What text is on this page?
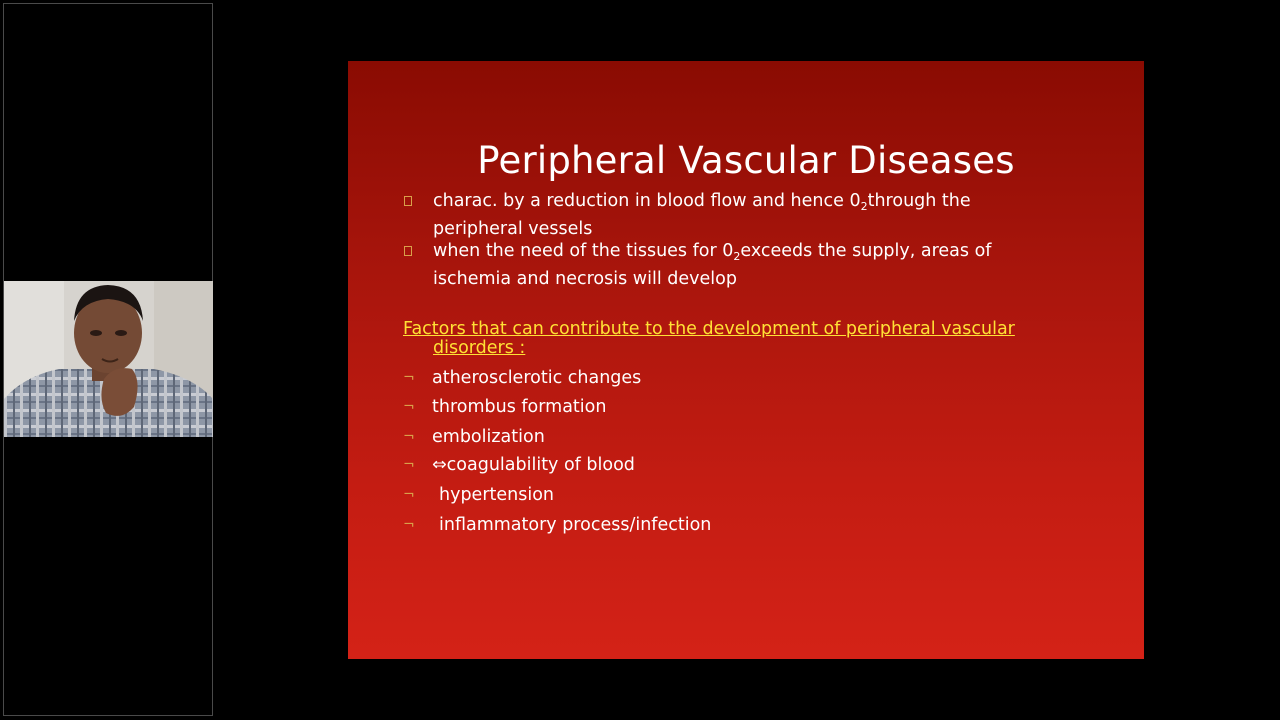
Peripheral Vascular Diseases
charac. by a reduction in blood flow and hence $0_2through$ the
peripheral vessels
when the need of the tissues for $0_2exceeds$ the supply, areas of
ischemia and necrosis will develop
Factors that can contribute to the development of peripheral vascular
disorders :
¬ atherosclerotic changes
¬ thrombus formation
¬ embolization
¬ ⇔coagulability of blood
¬ hypertension
¬ inflammatory process/infection
